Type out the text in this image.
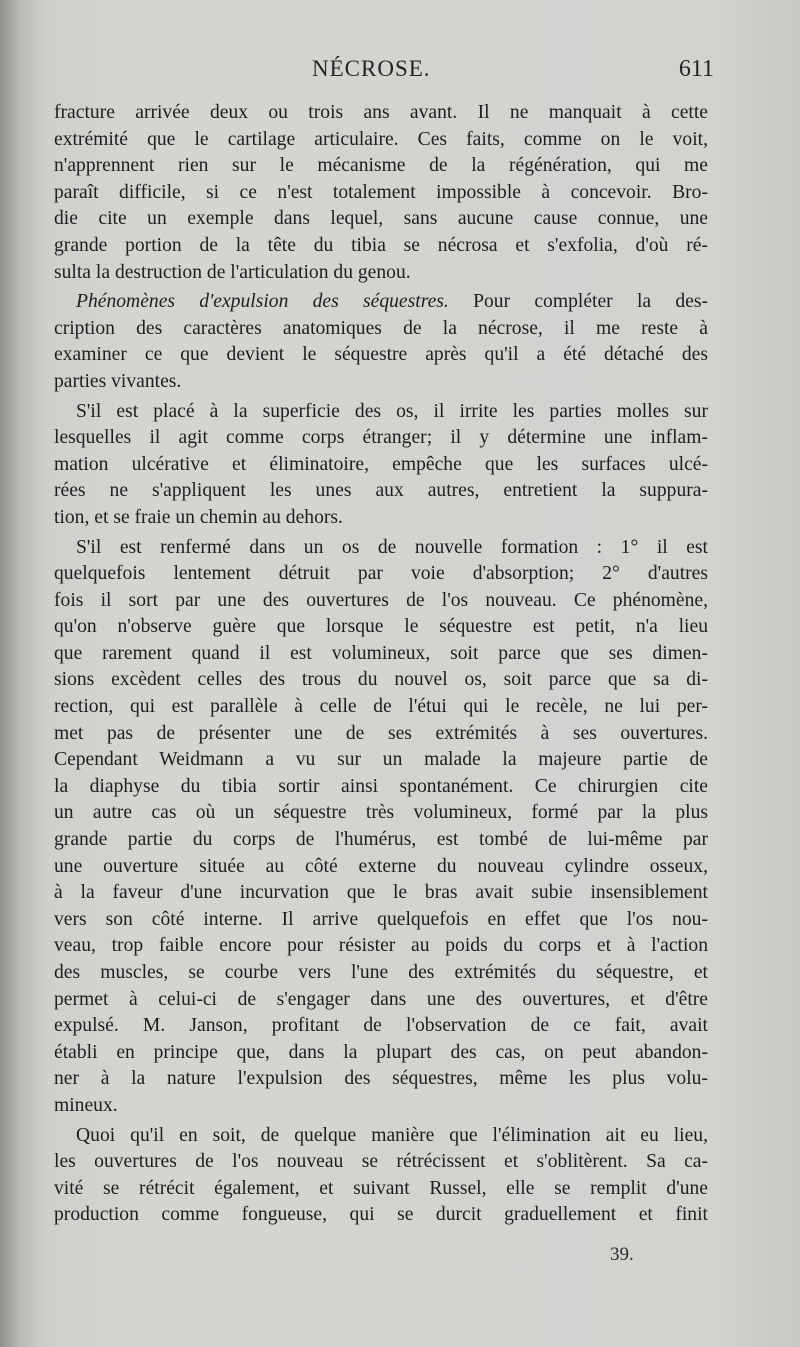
NÉCROSE.	611
fracture arrivée deux ou trois ans avant. Il ne manquait à cette
extrémité que le cartilage articulaire. Ces faits, comme on le voit,
n'apprennent rien sur le mécanisme de la régénération, qui me
paraît difficile, si ce n'est totalement impossible à concevoir. Bro-
die cite un exemple dans lequel, sans aucune cause connue, une
grande portion de la tête du tibia se nécrosa et s'exfolia, d'où ré-
sulta la destruction de l'articulation du genou.
Phénomènes d'expulsion des séquestres. Pour compléter la des-
cription des caractères anatomiques de la nécrose, il me reste à
examiner ce que devient le séquestre après qu'il a été détaché des
parties vivantes.
S'il est placé à la superficie des os, il irrite les parties molles sur
lesquelles il agit comme corps étranger; il y détermine une inflam-
mation ulcérative et éliminatoire, empêche que les surfaces ulcé-
rées ne s'appliquent les unes aux autres, entretient la suppura-
tion, et se fraie un chemin au dehors.
S'il est renfermé dans un os de nouvelle formation : 1° il est
quelquefois lentement détruit par voie d'absorption; 2° d'autres
fois il sort par une des ouvertures de l'os nouveau. Ce phénomène,
qu'on n'observe guère que lorsque le séquestre est petit, n'a lieu
que rarement quand il est volumineux, soit parce que ses dimen-
sions excèdent celles des trous du nouvel os, soit parce que sa di-
rection, qui est parallèle à celle de l'étui qui le recèle, ne lui per-
met pas de présenter une de ses extrémités à ses ouvertures.
Cependant Weidmann a vu sur un malade la majeure partie de
la diaphyse du tibia sortir ainsi spontanément. Ce chirurgien cite
un autre cas où un séquestre très volumineux, formé par la plus
grande partie du corps de l'humérus, est tombé de lui-même par
une ouverture située au côté externe du nouveau cylindre osseux,
à la faveur d'une incurvation que le bras avait subie insensiblement
vers son côté interne. Il arrive quelquefois en effet que l'os nou-
veau, trop faible encore pour résister au poids du corps et à l'action
des muscles, se courbe vers l'une des extrémités du séquestre, et
permet à celui-ci de s'engager dans une des ouvertures, et d'être
expulsé. M. Janson, profitant de l'observation de ce fait, avait
établi en principe que, dans la plupart des cas, on peut abandon-
ner à la nature l'expulsion des séquestres, même les plus volu-
mineux.
Quoi qu'il en soit, de quelque manière que l'élimination ait eu lieu,
les ouvertures de l'os nouveau se rétrécissent et s'oblitèrent. Sa ca-
vité se rétrécit également, et suivant Russel, elle se remplit d'une
production comme fongueuse, qui se durcit graduellement et finit
39.
